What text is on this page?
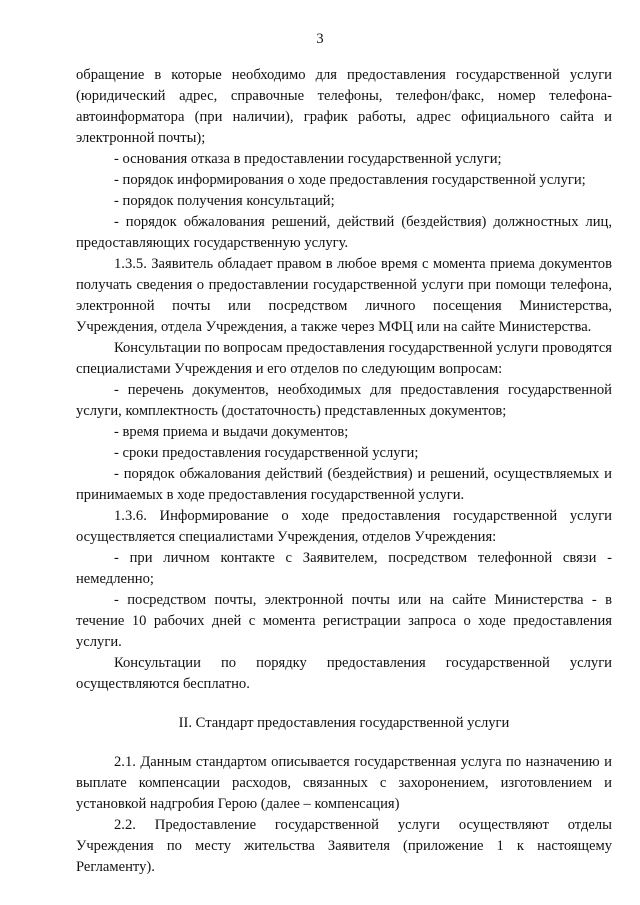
3

обращение в которые необходимо для предоставления государственной услуги (юридический адрес, справочные телефоны, телефон/факс, номер телефона-автоинформатора (при наличии), график работы, адрес официального сайта и электронной почты);

- основания отказа в предоставлении государственной услуги;

- порядок информирования о ходе предоставления государственной услуги;

- порядок получения консультаций;

- порядок обжалования решений, действий (бездействия) должностных лиц, предоставляющих государственную услугу.

1.3.5. Заявитель обладает правом в любое время с момента приема документов получать сведения о предоставлении государственной услуги при помощи телефона, электронной почты или посредством личного посещения Министерства, Учреждения, отдела Учреждения, а также через МФЦ или на сайте Министерства.

Консультации по вопросам предоставления государственной услуги проводятся специалистами Учреждения и его отделов по следующим вопросам:

- перечень документов, необходимых для предоставления государственной услуги, комплектность (достаточность) представленных документов;

- время приема и выдачи документов;

- сроки предоставления государственной услуги;

- порядок обжалования действий (бездействия) и решений, осуществляемых и принимаемых в ходе предоставления государственной услуги.

1.3.6. Информирование о ходе предоставления государственной услуги осуществляется специалистами Учреждения, отделов Учреждения:

- при личном контакте с Заявителем, посредством телефонной связи - немедленно;

- посредством почты, электронной почты или на сайте Министерства - в течение 10 рабочих дней с момента регистрации запроса о ходе предоставления услуги.

Консультации по порядку предоставления государственной услуги осуществляются бесплатно.

II. Стандарт предоставления государственной услуги

2.1. Данным стандартом описывается государственная услуга по назначению и выплате компенсации расходов, связанных с захоронением, изготовлением и установкой надгробия Герою (далее – компенсация)

2.2. Предоставление государственной услуги осуществляют отделы Учреждения по месту жительства Заявителя (приложение 1 к настоящему Регламенту).
